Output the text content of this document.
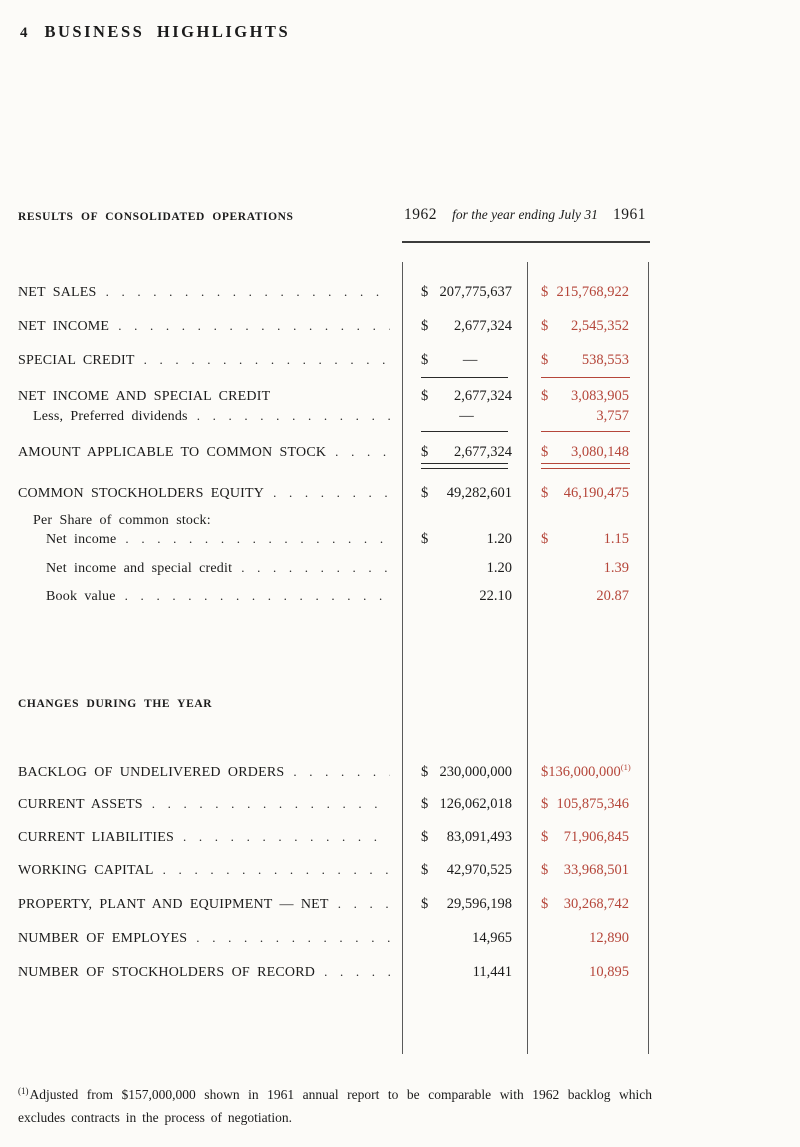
4 BUSINESS HIGHLIGHTS
RESULTS OF CONSOLIDATED OPERATIONS	1962 for the year ending July 31 1961
NET SALES . . .	$ 207,775,637 $ 215,768,922
NET INCOME . . .	$ 2,677,324 $ 2,545,352
SPECIAL CREDIT . . .	$	—	$ 538,553
NET INCOME AND SPECIAL CREDIT	$ 2,677,324 $ 3,083,905
Less, Preferred dividends . . .	—	3,757
AMOUNT APPLICABLE TO COMMON STOCK . . .	$ 2,677,324 $ 3,080,148
COMMON STOCKHOLDERS EQUITY . . .	$ 49,282,601 $ 46,190,475
Per Share of common stock:
Net income . . .	$	1.20 $	1.15
Net income and special credit . . .	1.20	1.39
Book value . . .	22.10	20.87
CHANGES DURING THE YEAR
BACKLOG OF UNDELIVERED ORDERS . . .	$ 230,000,000 $ 136,000,000$^{(1)}$
CURRENT ASSETS . . .	$ 126,062,018 $ 105,875,346
CURRENT LIABILITIES . . .	$ 83,091,493 $ 71,906,845
WORKING CAPITAL . . .	$ 42,970,525 $ 33,968,501
PROPERTY, PLANT AND EQUIPMENT — NET . . .	$ 29,596,198 $ 30,268,742
NUMBER OF EMPLOYES . . .	14,965	12,890
NUMBER OF STOCKHOLDERS OF RECORD . . .	11,441	10,895

$^{(1)}$Adjusted from $157,000,000 shown in 1961 annual report to be comparable with 1962 backlog which excludes contracts in the process of negotiation.
